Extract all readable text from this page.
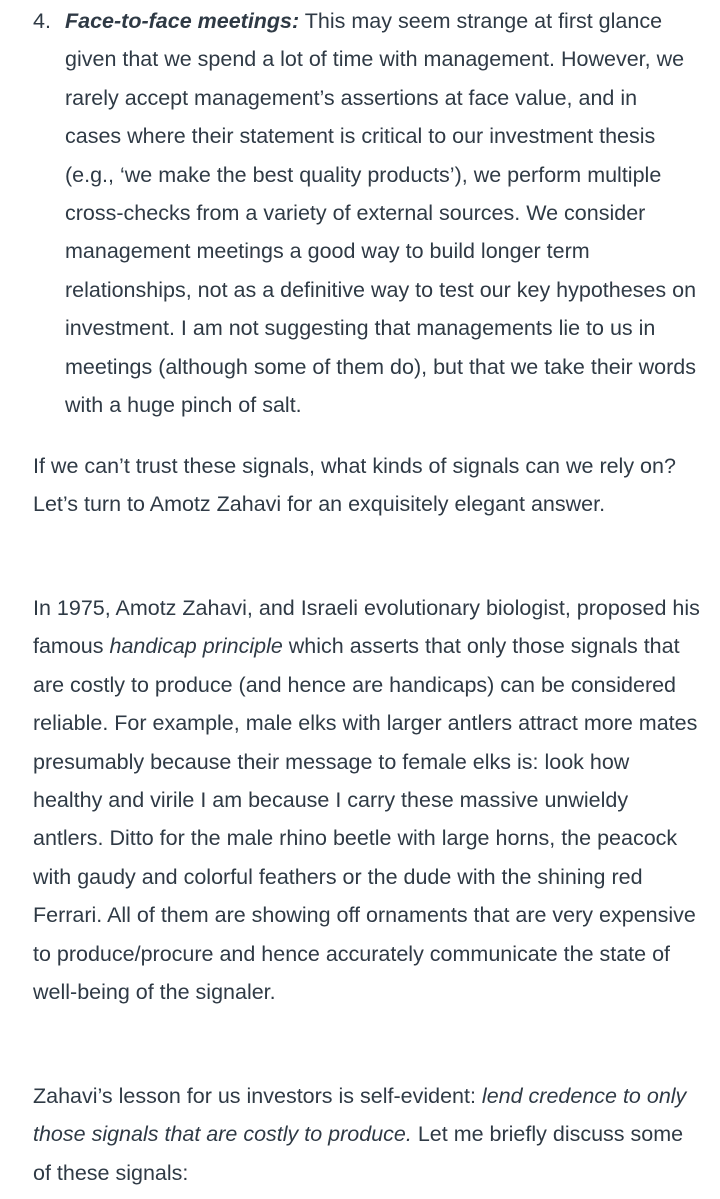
4. Face-to-face meetings: This may seem strange at first glance given that we spend a lot of time with management. However, we rarely accept management’s assertions at face value, and in cases where their statement is critical to our investment thesis (e.g., ‘we make the best quality products’), we perform multiple cross-checks from a variety of external sources. We consider management meetings a good way to build longer term relationships, not as a definitive way to test our key hypotheses on investment. I am not suggesting that managements lie to us in meetings (although some of them do), but that we take their words with a huge pinch of salt.

If we can’t trust these signals, what kinds of signals can we rely on? Let’s turn to Amotz Zahavi for an exquisitely elegant answer.

In 1975, Amotz Zahavi, and Israeli evolutionary biologist, proposed his famous handicap principle which asserts that only those signals that are costly to produce (and hence are handicaps) can be considered reliable. For example, male elks with larger antlers attract more mates presumably because their message to female elks is: look how healthy and virile I am because I carry these massive unwieldy antlers. Ditto for the male rhino beetle with large horns, the peacock with gaudy and colorful feathers or the dude with the shining red Ferrari. All of them are showing off ornaments that are very expensive to produce/procure and hence accurately communicate the state of well-being of the signaler.

Zahavi’s lesson for us investors is self-evident: lend credence to only those signals that are costly to produce. Let me briefly discuss some of these signals:
